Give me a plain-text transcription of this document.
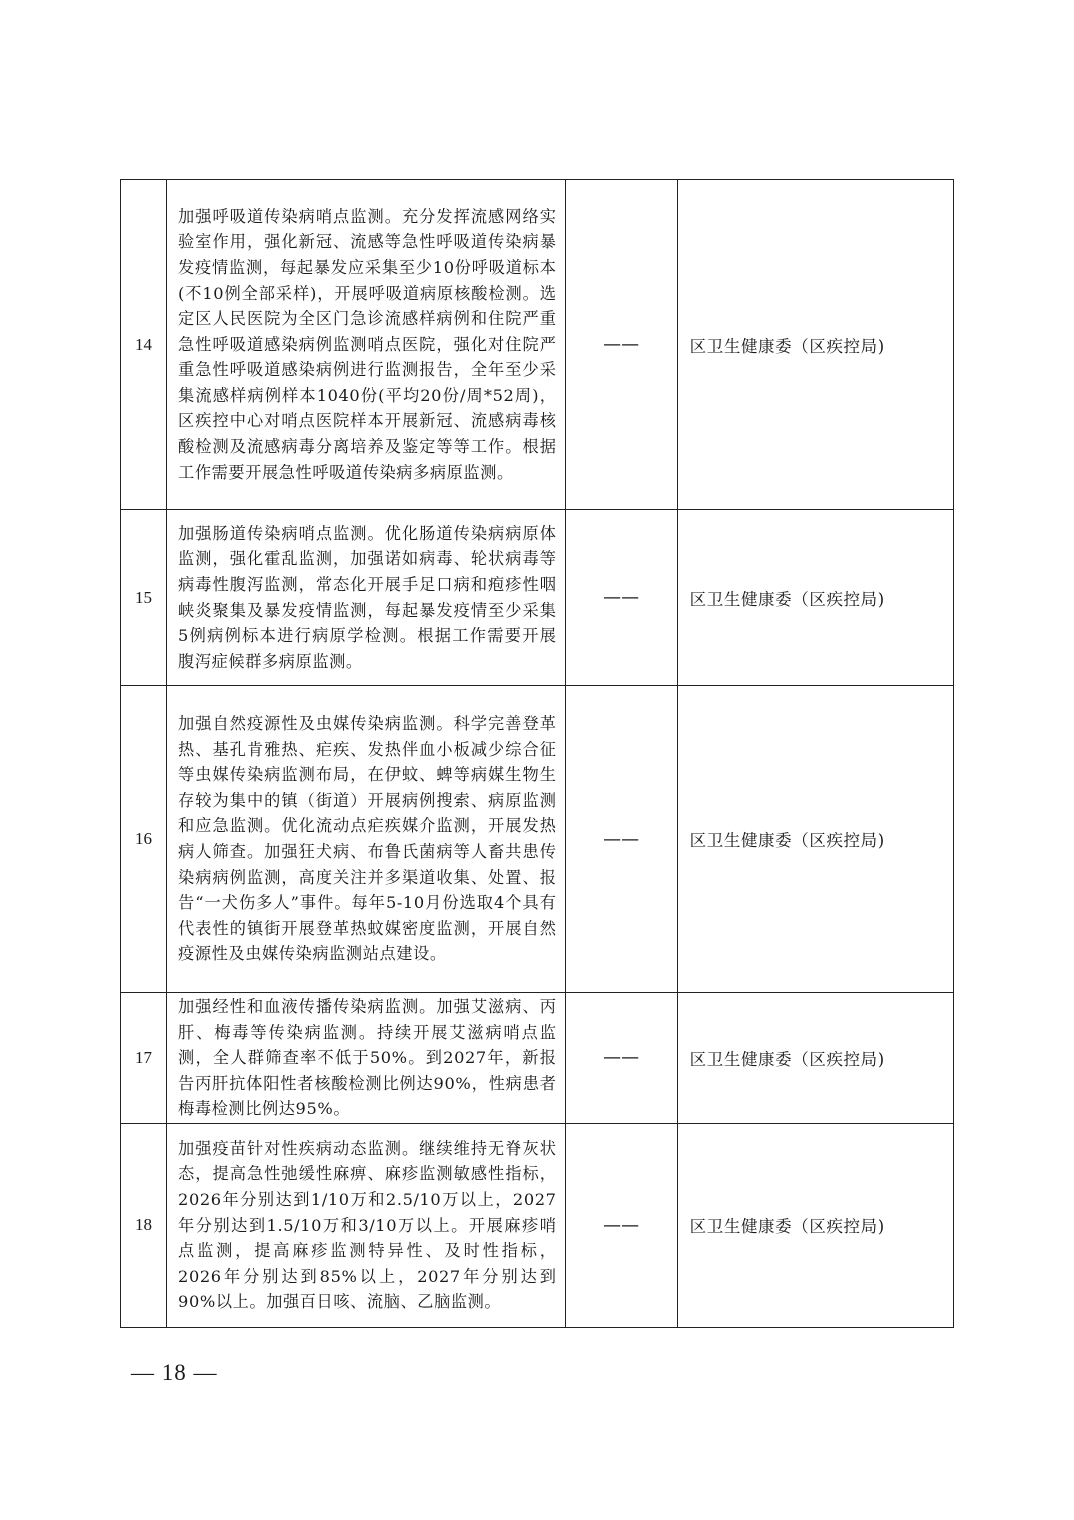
14	加强呼吸道传染病哨点监测。充分发挥流感网络实验室作用，强化新冠、流感等急性呼吸道传染病暴发疫情监测，每起暴发应采集至少10份呼吸道标本(不10例全部采样)，开展呼吸道病原核酸检测。选定区人民医院为全区门急诊流感样病例和住院严重急性呼吸道感染病例监测哨点医院，强化对住院严重急性呼吸道感染病例进行监测报告，全年至少采集流感样病例样本1040份(平均20份/周*52周)，区疾控中心对哨点医院样本开展新冠、流感病毒核酸检测及流感病毒分离培养及鉴定等等工作。根据工作需要开展急性呼吸道传染病多病原监测。	——	区卫生健康委（区疾控局)
15	加强肠道传染病哨点监测。优化肠道传染病病原体监测，强化霍乱监测，加强诺如病毒、轮状病毒等病毒性腹泻监测，常态化开展手足口病和疱疹性咽峡炎聚集及暴发疫情监测，每起暴发疫情至少采集5例病例标本进行病原学检测。根据工作需要开展腹泻症候群多病原监测。	——	区卫生健康委（区疾控局)
16	加强自然疫源性及虫媒传染病监测。科学完善登革热、基孔肯雅热、疟疾、发热伴血小板减少综合征等虫媒传染病监测布局，在伊蚊、蜱等病媒生物生存较为集中的镇（街道）开展病例搜索、病原监测和应急监测。优化流动点疟疾媒介监测，开展发热病人筛查。加强狂犬病、布鲁氏菌病等人畜共患传染病病例监测，高度关注并多渠道收集、处置、报告“一犬伤多人”事件。每年5-10月份选取4个具有代表性的镇街开展登革热蚊媒密度监测，开展自然疫源性及虫媒传染病监测站点建设。	——	区卫生健康委（区疾控局)
17	加强经性和血液传播传染病监测。加强艾滋病、丙肝、梅毒等传染病监测。持续开展艾滋病哨点监测，全人群筛查率不低于50%。到2027年，新报告丙肝抗体阳性者核酸检测比例达90%，性病患者梅毒检测比例达95%。	——	区卫生健康委（区疾控局)
18	加强疫苗针对性疾病动态监测。继续维持无脊灰状态，提高急性弛缓性麻痹、麻疹监测敏感性指标，2026年分别达到1/10万和2.5/10万以上，2027年分别达到1.5/10万和3/10万以上。开展麻疹哨点监测，提高麻疹监测特异性、及时性指标，2026年分别达到85%以上，2027年分别达到90%以上。加强百日咳、流脑、乙脑监测。	——	区卫生健康委（区疾控局)
— 18 —
